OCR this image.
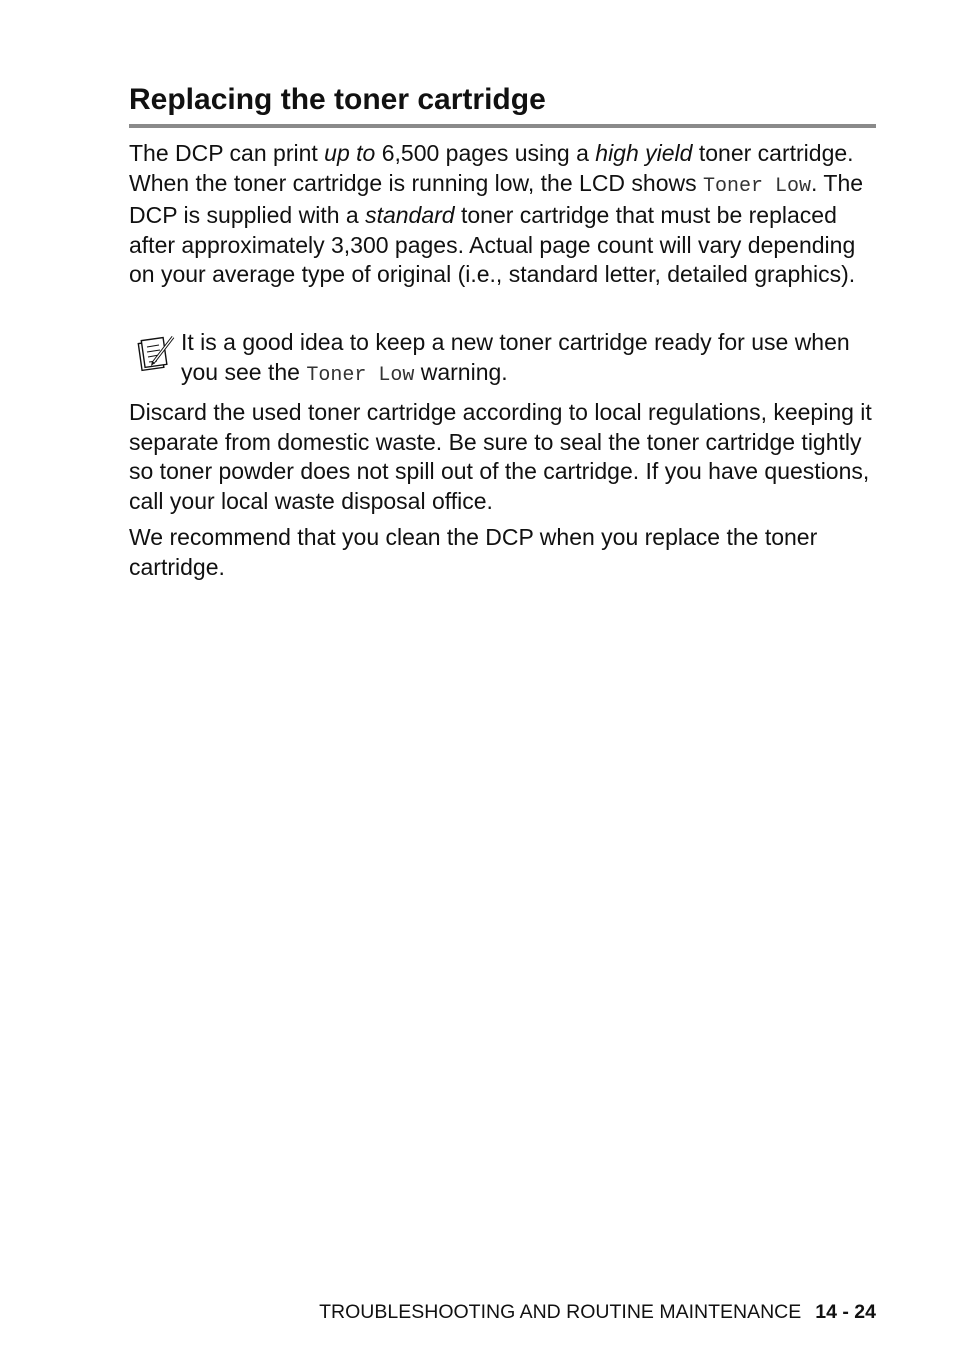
Replacing the toner cartridge

The DCP can print up to 6,500 pages using a high yield toner cartridge. When the toner cartridge is running low, the LCD shows Toner Low. The DCP is supplied with a standard toner cartridge that must be replaced after approximately 3,300 pages. Actual page count will vary depending on your average type of original (i.e., standard letter, detailed graphics).

It is a good idea to keep a new toner cartridge ready for use when you see the Toner Low warning.

Discard the used toner cartridge according to local regulations, keeping it separate from domestic waste. Be sure to seal the toner cartridge tightly so toner powder does not spill out of the cartridge. If you have questions, call your local waste disposal office.

We recommend that you clean the DCP when you replace the toner cartridge.

TROUBLESHOOTING AND ROUTINE MAINTENANCE 14 - 24
